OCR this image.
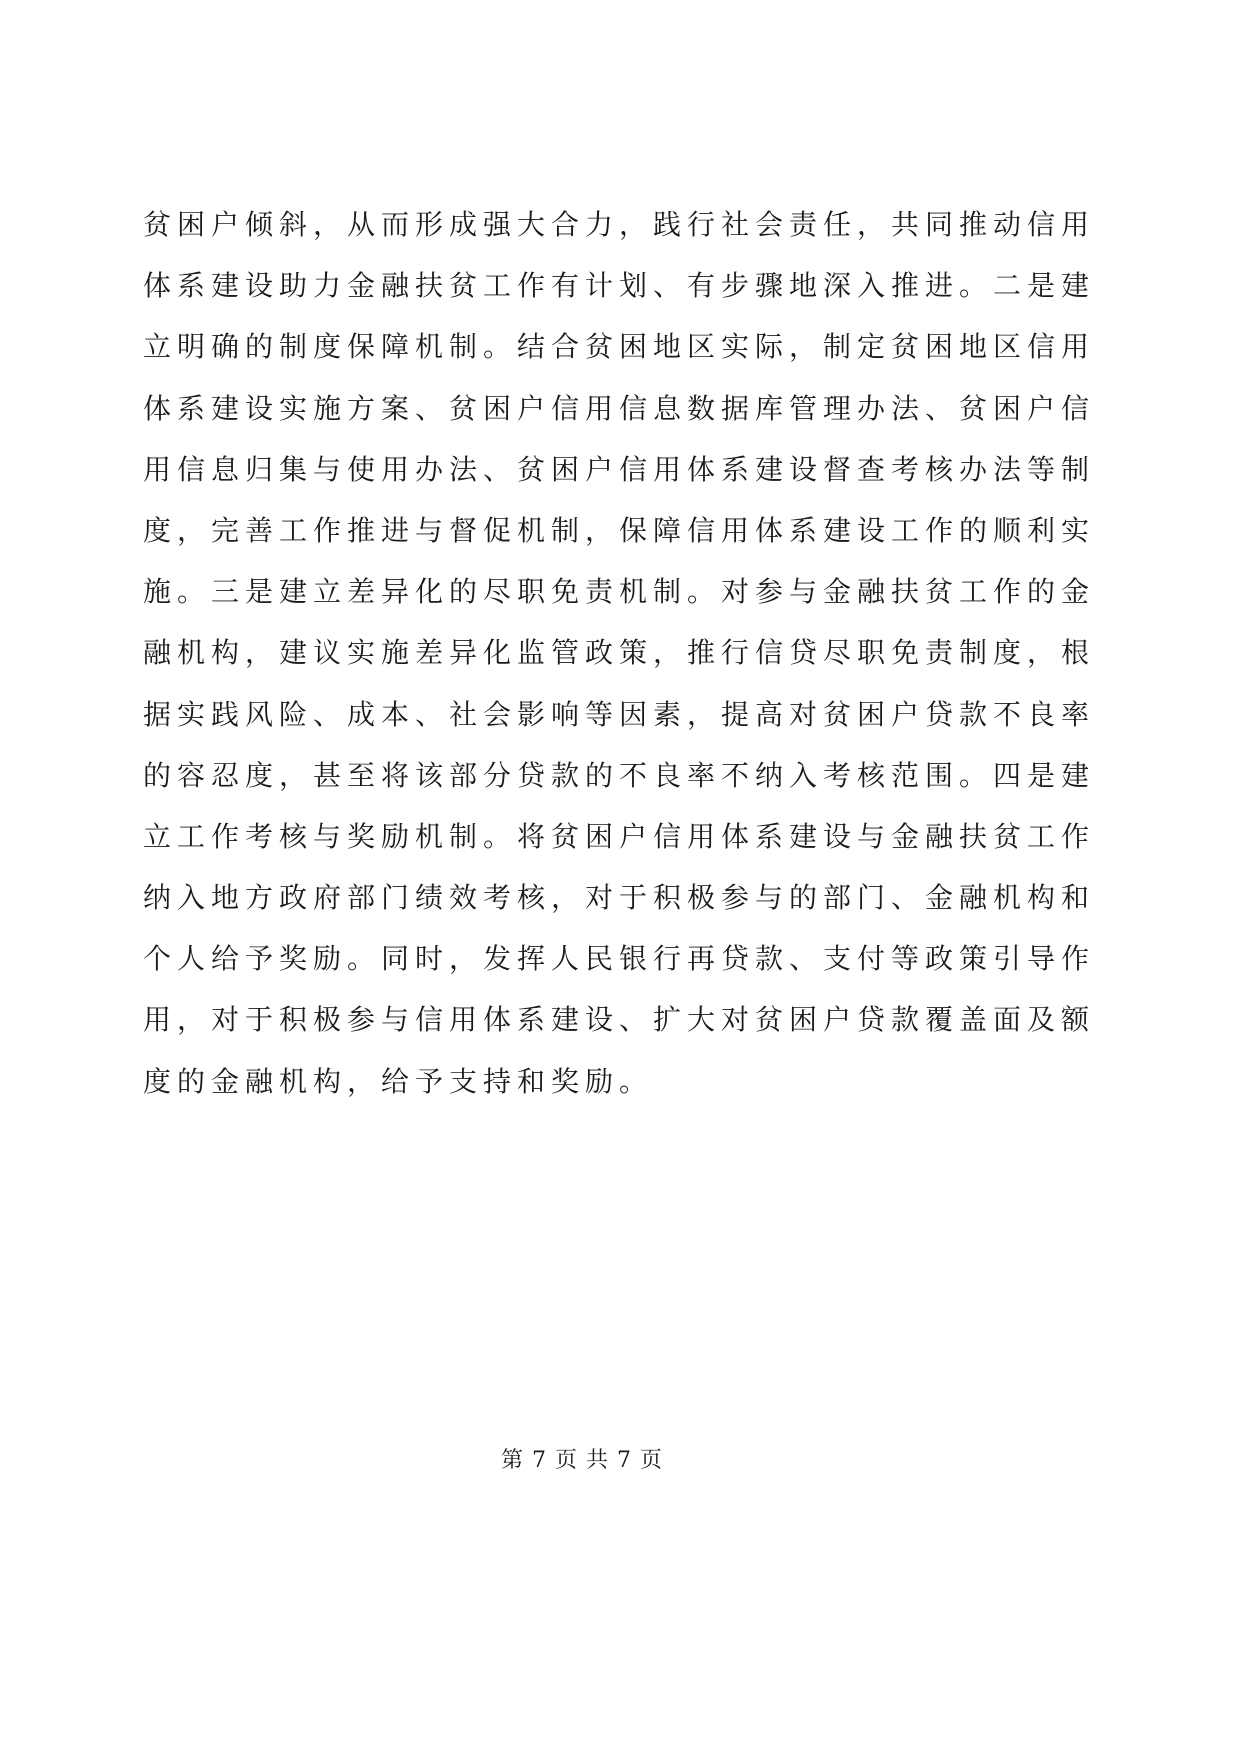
贫困户倾斜，从而形成强大合力，践行社会责任，共同推动信用
体系建设助力金融扶贫工作有计划、有步骤地深入推进。二是建
立明确的制度保障机制。结合贫困地区实际，制定贫困地区信用
体系建设实施方案、贫困户信用信息数据库管理办法、贫困户信
用信息归集与使用办法、贫困户信用体系建设督查考核办法等制
度，完善工作推进与督促机制，保障信用体系建设工作的顺利实
施。三是建立差异化的尽职免责机制。对参与金融扶贫工作的金
融机构，建议实施差异化监管政策，推行信贷尽职免责制度，根
据实践风险、成本、社会影响等因素，提高对贫困户贷款不良率
的容忍度，甚至将该部分贷款的不良率不纳入考核范围。四是建
立工作考核与奖励机制。将贫困户信用体系建设与金融扶贫工作
纳入地方政府部门绩效考核，对于积极参与的部门、金融机构和
个人给予奖励。同时，发挥人民银行再贷款、支付等政策引导作
用，对于积极参与信用体系建设、扩大对贫困户贷款覆盖面及额
度的金融机构，给予支持和奖励。
第 7 页 共 7 页
